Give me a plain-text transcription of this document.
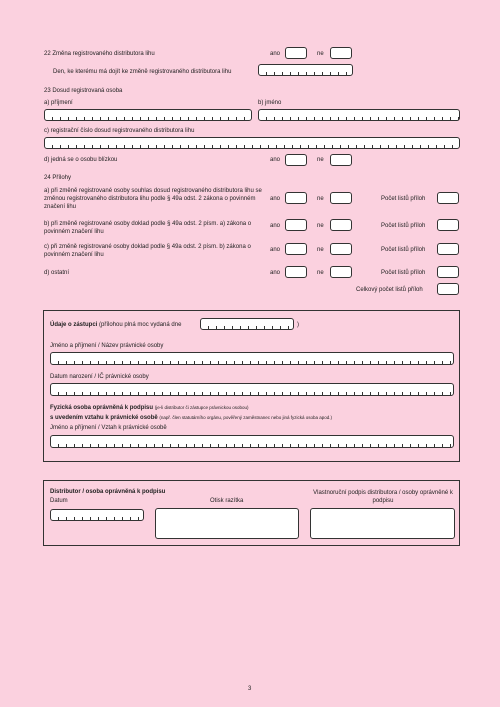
22 Změna registrovaného distributora lihu	ano	ne
Den, ke kterému má dojít ke změně registrovaného distributora lihu
23 Dosud registrovaná osoba
a) příjmení	b) jméno
c) registrační číslo dosud registrovaného distributora lihu
d) jedná se o osobu blízkou	ano	ne
24 Přílohy
a) při změně registrované osoby souhlas dosud registrovaného distributora lihu se změnou registrovaného distributora lihu podle § 49a odst. 2 zákona o povinném značení lihu
ano	ne	Počet listů příloh
b) při změně registrované osoby doklad podle § 49a odst. 2 písm. a) zákona o povinném značení lihu
ano	ne	Počet listů příloh
c) při změně registrované osoby doklad podle § 49a odst. 2 písm. b) zákona o povinném značení lihu
ano	ne	Počet listů příloh
d) ostatní	ano	ne	Počet listů příloh
Celkový počet listů příloh
Údaje o zástupci (přílohou plná moc vydaná dne	)
Jméno a příjmení / Název právnické osoby
Datum narození / IČ právnické osoby
Fyzická osoba oprávněná k podpisu (je-li distributor či zástupce právnickou osobou)
s uvedením vztahu k právnické osobě (např. člen statutárního orgánu, pověřený zaměstnanec nebo jiná fyzická osoba apod.)
Jméno a příjmení / Vztah k právnické osobě
Distributor / osoba oprávněná k podpisu
Datum	Otisk razítka
Vlastnoruční podpis distributora / osoby oprávněné k podpisu
3
